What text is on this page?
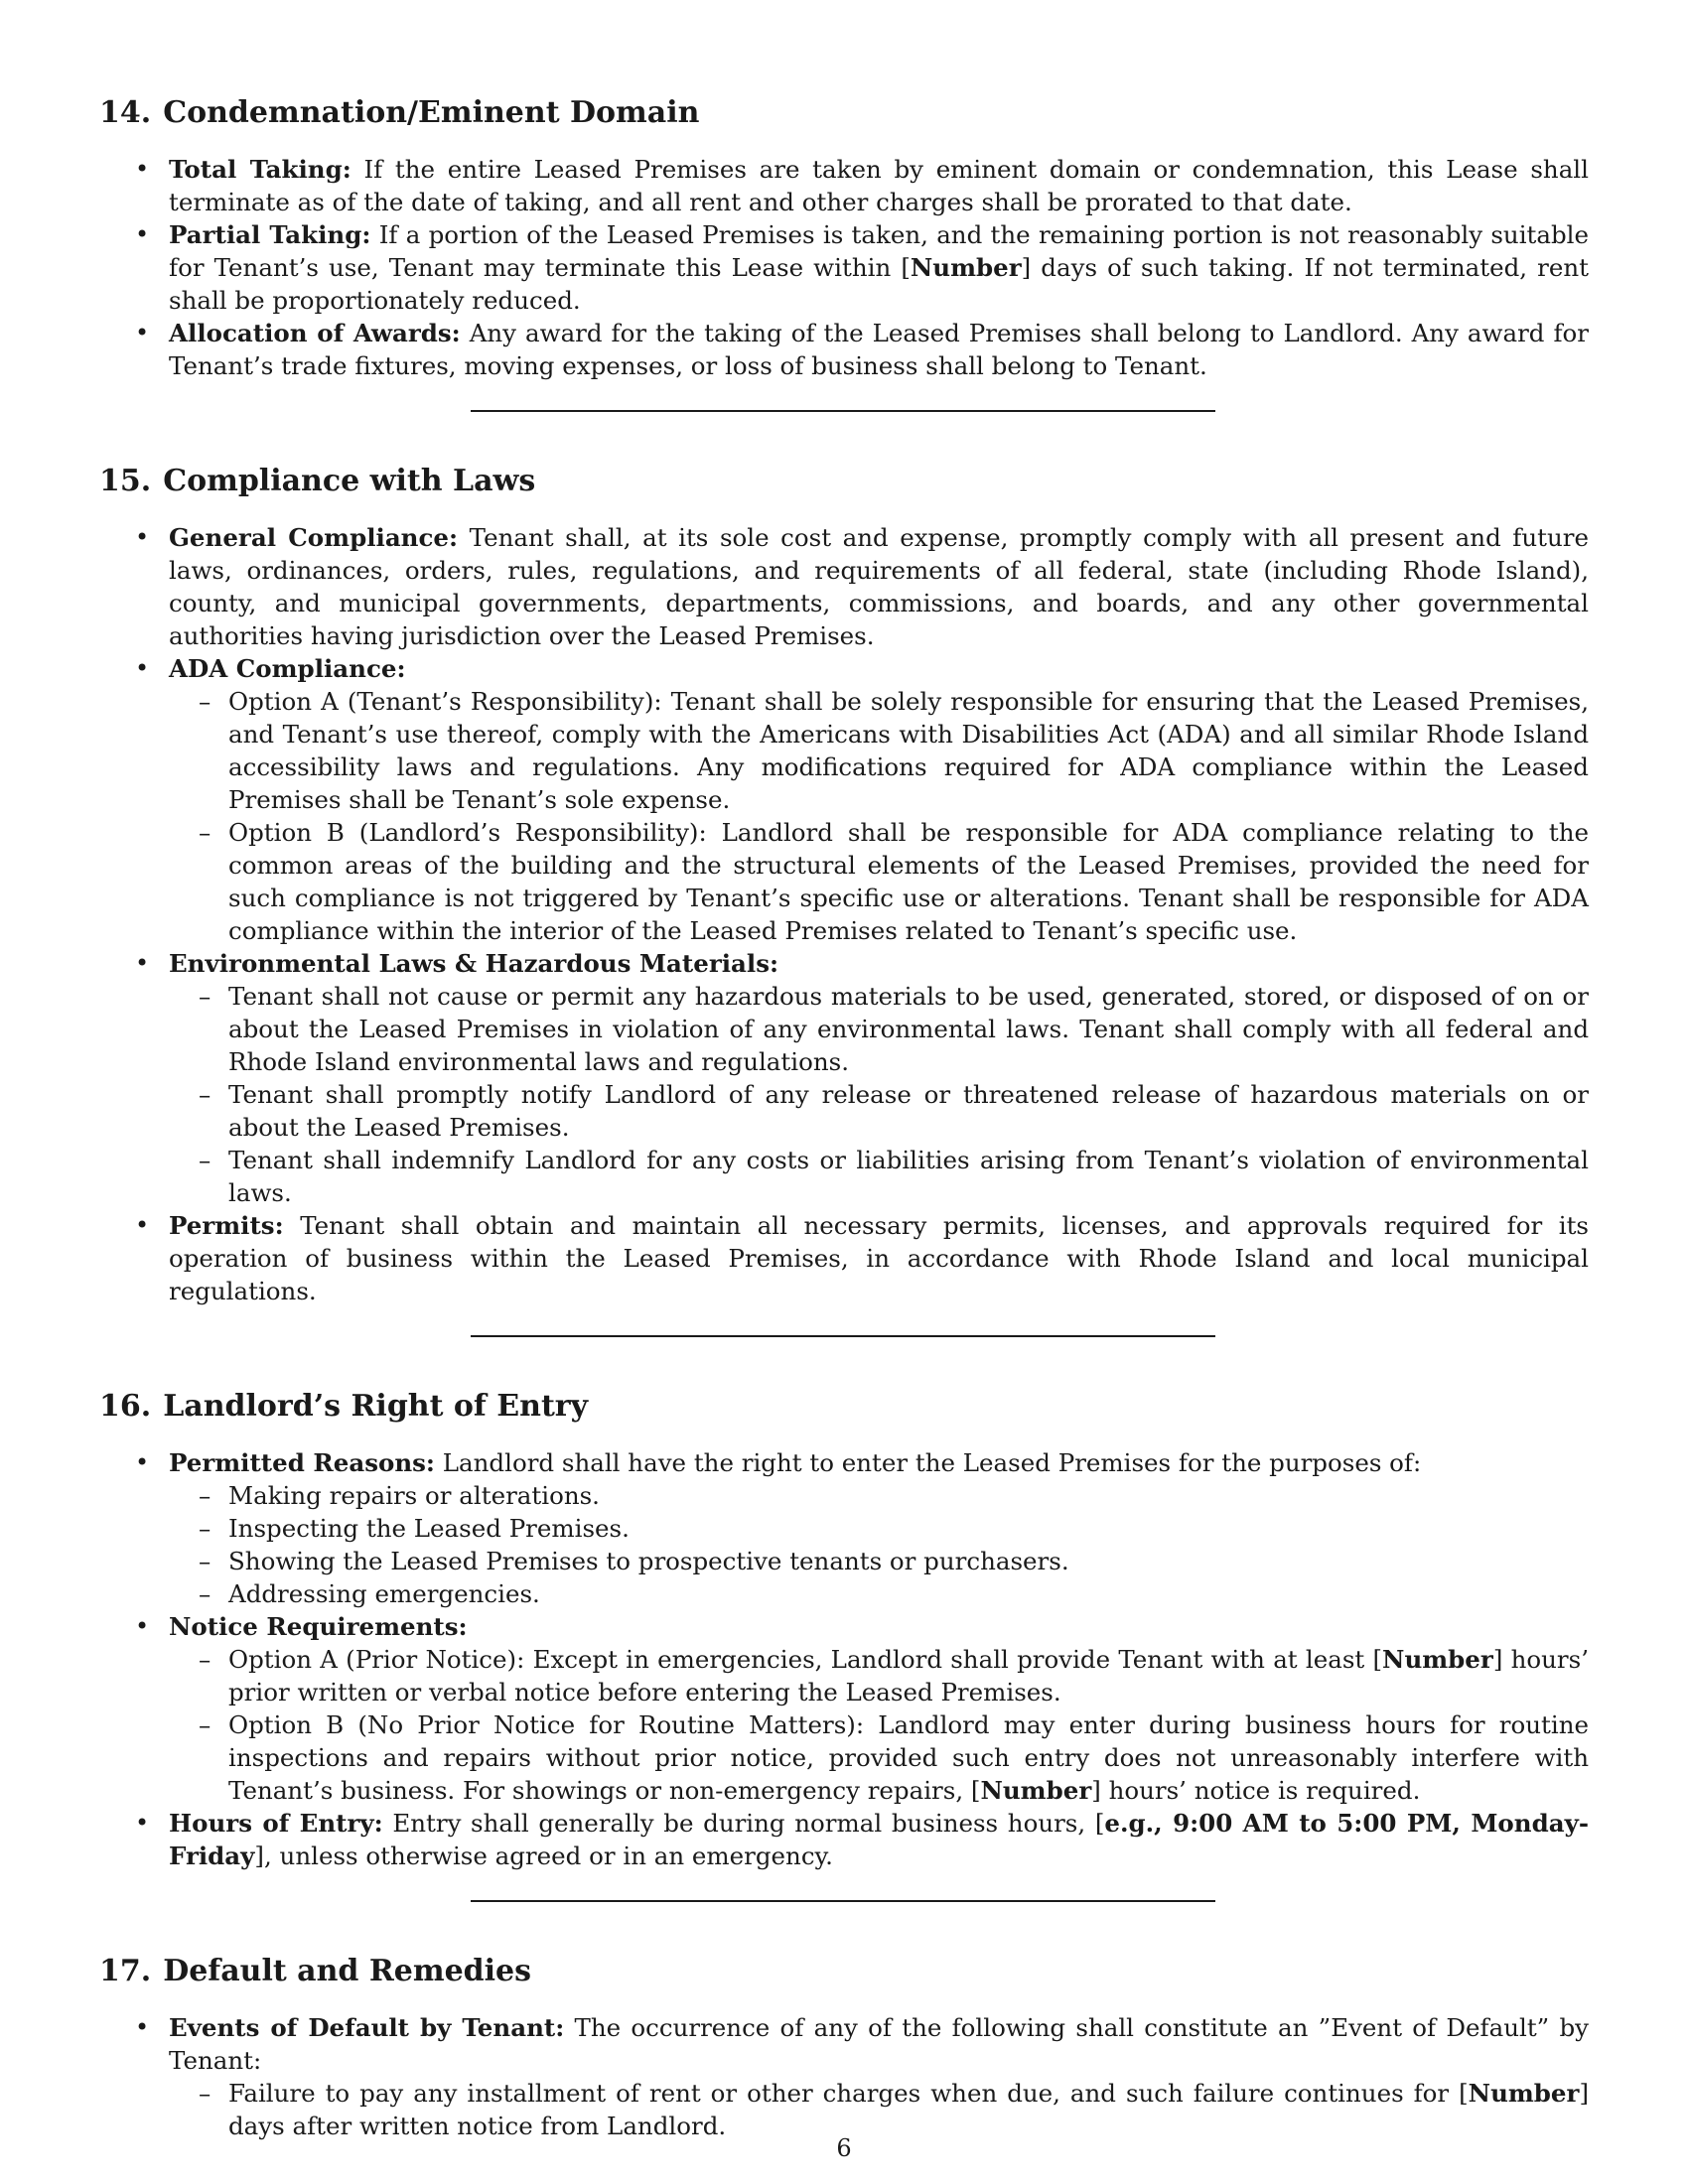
14. Condemnation/Eminent Domain
• Total Taking: If the entire Leased Premises are taken by eminent domain or condemnation, this Lease shall terminate as of the date of taking, and all rent and other charges shall be prorated to that date.
• Partial Taking: If a portion of the Leased Premises is taken, and the remaining portion is not reasonably suitable for Tenant’s use, Tenant may terminate this Lease within [Number] days of such taking. If not terminated, rent shall be proportionately reduced.
• Allocation of Awards: Any award for the taking of the Leased Premises shall belong to Landlord. Any award for Tenant’s trade fixtures, moving expenses, or loss of business shall belong to Tenant.
15. Compliance with Laws
• General Compliance: Tenant shall, at its sole cost and expense, promptly comply with all present and future laws, ordinances, orders, rules, regulations, and requirements of all federal, state (including Rhode Island), county, and municipal governments, departments, commissions, and boards, and any other governmental authorities having jurisdiction over the Leased Premises.
• ADA Compliance:
– Option A (Tenant’s Responsibility): Tenant shall be solely responsible for ensuring that the Leased Premises, and Tenant’s use thereof, comply with the Americans with Disabilities Act (ADA) and all similar Rhode Island accessibility laws and regulations. Any modifications required for ADA compliance within the Leased Premises shall be Tenant’s sole expense.
– Option B (Landlord’s Responsibility): Landlord shall be responsible for ADA compliance relating to the common areas of the building and the structural elements of the Leased Premises, provided the need for such compliance is not triggered by Tenant’s specific use or alterations. Tenant shall be responsible for ADA compliance within the interior of the Leased Premises related to Tenant’s specific use.
• Environmental Laws & Hazardous Materials:
– Tenant shall not cause or permit any hazardous materials to be used, generated, stored, or disposed of on or about the Leased Premises in violation of any environmental laws. Tenant shall comply with all federal and Rhode Island environmental laws and regulations.
– Tenant shall promptly notify Landlord of any release or threatened release of hazardous materials on or about the Leased Premises.
– Tenant shall indemnify Landlord for any costs or liabilities arising from Tenant’s violation of environmental laws.
• Permits: Tenant shall obtain and maintain all necessary permits, licenses, and approvals required for its operation of business within the Leased Premises, in accordance with Rhode Island and local municipal regulations.
16. Landlord’s Right of Entry
• Permitted Reasons: Landlord shall have the right to enter the Leased Premises for the purposes of:
– Making repairs or alterations.
– Inspecting the Leased Premises.
– Showing the Leased Premises to prospective tenants or purchasers.
– Addressing emergencies.
• Notice Requirements:
– Option A (Prior Notice): Except in emergencies, Landlord shall provide Tenant with at least [Number] hours’ prior written or verbal notice before entering the Leased Premises.
– Option B (No Prior Notice for Routine Matters): Landlord may enter during business hours for routine inspections and repairs without prior notice, provided such entry does not unreasonably interfere with Tenant’s business. For showings or non-emergency repairs, [Number] hours’ notice is required.
• Hours of Entry: Entry shall generally be during normal business hours, [e.g., 9:00 AM to 5:00 PM, Monday-Friday], unless otherwise agreed or in an emergency.
17. Default and Remedies
• Events of Default by Tenant: The occurrence of any of the following shall constitute an ”Event of Default” by Tenant:
– Failure to pay any installment of rent or other charges when due, and such failure continues for [Number] days after written notice from Landlord.
6
